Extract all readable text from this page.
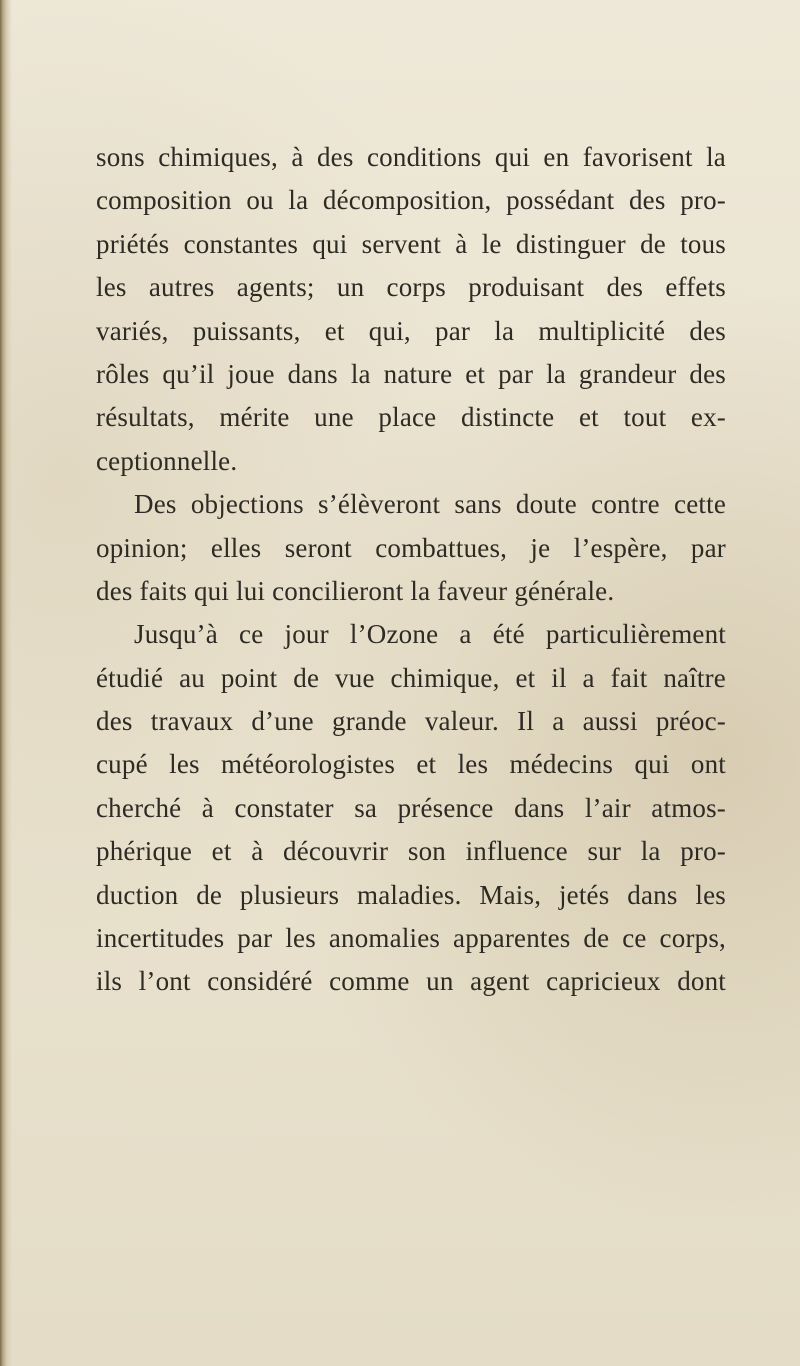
sons chimiques, à des conditions qui en favorisent la
composition ou la décomposition, possédant des pro-
priétés constantes qui servent à le distinguer de tous
les autres agents; un corps produisant des effets
variés, puissants, et qui, par la multiplicité des
rôles qu’il joue dans la nature et par la grandeur des
résultats, mérite une place distincte et tout ex-
ceptionnelle.
Des objections s’élèveront sans doute contre cette
opinion; elles seront combattues, je l’espère, par
des faits qui lui concilieront la faveur générale.
Jusqu’à ce jour l’Ozone a été particulièrement
étudié au point de vue chimique, et il a fait naître
des travaux d’une grande valeur. Il a aussi préoc-
cupé les météorologistes et les médecins qui ont
cherché à constater sa présence dans l’air atmos-
phérique et à découvrir son influence sur la pro-
duction de plusieurs maladies. Mais, jetés dans les
incertitudes par les anomalies apparentes de ce corps,
ils l’ont considéré comme un agent capricieux dont
